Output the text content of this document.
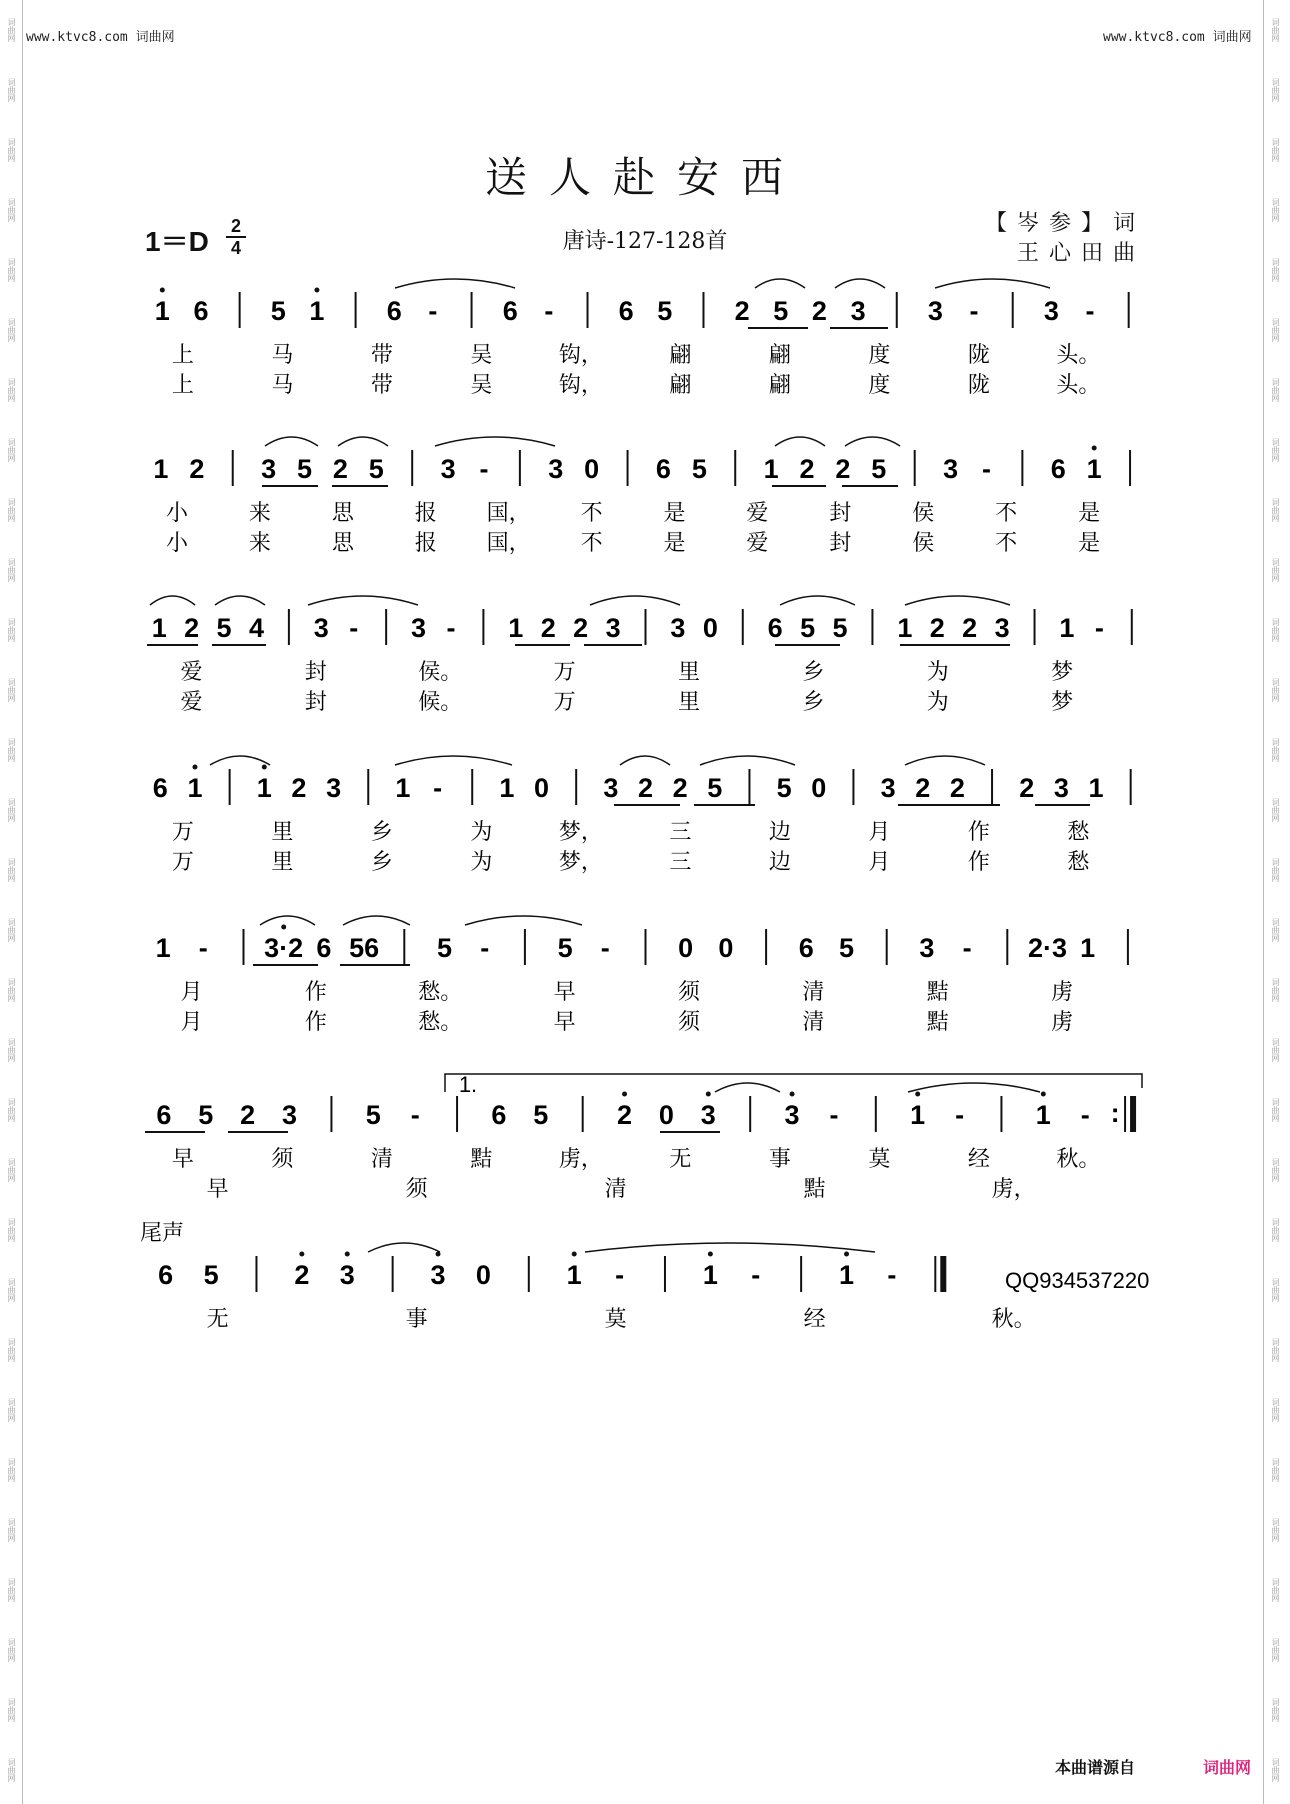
词曲网
词曲网
词曲网
词曲网
词曲网
词曲网
词曲网
词曲网
词曲网
词曲网
词曲网
词曲网
词曲网
词曲网
词曲网
词曲网
词曲网
词曲网
词曲网
词曲网
词曲网
词曲网
词曲网
词曲网
词曲网
词曲网
词曲网
词曲网
词曲网
词曲网
词曲网
词曲网
词曲网
词曲网
词曲网
词曲网
词曲网
词曲网
词曲网
词曲网
词曲网
词曲网
词曲网
词曲网
词曲网
词曲网
词曲网
词曲网
词曲网
词曲网
词曲网
词曲网
词曲网
词曲网
词曲网
词曲网
词曲网
词曲网
词曲网
词曲网
www.ktvc8.com 词曲网	www.ktvc8.com 词曲网
送人赴安西
$1=D \frac{2}{4}$	唐诗-127-128首
【岑参】词
王心田曲
1 6 5 1 6 - 6 - 6 5 2 5 2 3 3 - 3 -
上	马	带	吴	钩，	翩	翩	度	陇	头。
上	马	带	吴	钩，	翩	翩	度	陇	头。
1 2 3 5 2 5 3 - 3 0 6 5 1 2 2 5 3 - 6 1
小	来	思	报 国， 不	是	爱	封	侯	不	是
小	来	思	报 国， 不	是	爱	封	侯	不	是
1 2 5 4 3 - 3 - 1 2 2 3 3 0 6 5 5 1 2 2 3 1 -
爱	封	侯。	万	里	乡	为	梦
爱	封	候。	万	里	乡	为	梦
6 1 1 2 3 1 - 1 0 3 2 2 5 5 0 3 2 2 2 3 1
万	里	乡	为	梦，	三	边	月	作	愁
万	里	乡	为	梦，	三	边	月	作	愁
1 - 3·2 6 56 5 -	5 -	0 0 6 5 3 - 2·3 1
月	作	愁。	早	须	清	黠	虏
月	作	愁。	早	须	清	黠	虏
6 5 2 3	5 -	6 5	2 0 3	3 -	1 -	1 - :
早	须	清	黠	虏，	无	事	莫	经	秋。
早	须	清	黠	虏，
6 5	2 3	3 0	1 -	1 -	1 -
无	事	莫	经	秋。
尾声
QQ934537220
1.
本曲谱源自	词曲网
